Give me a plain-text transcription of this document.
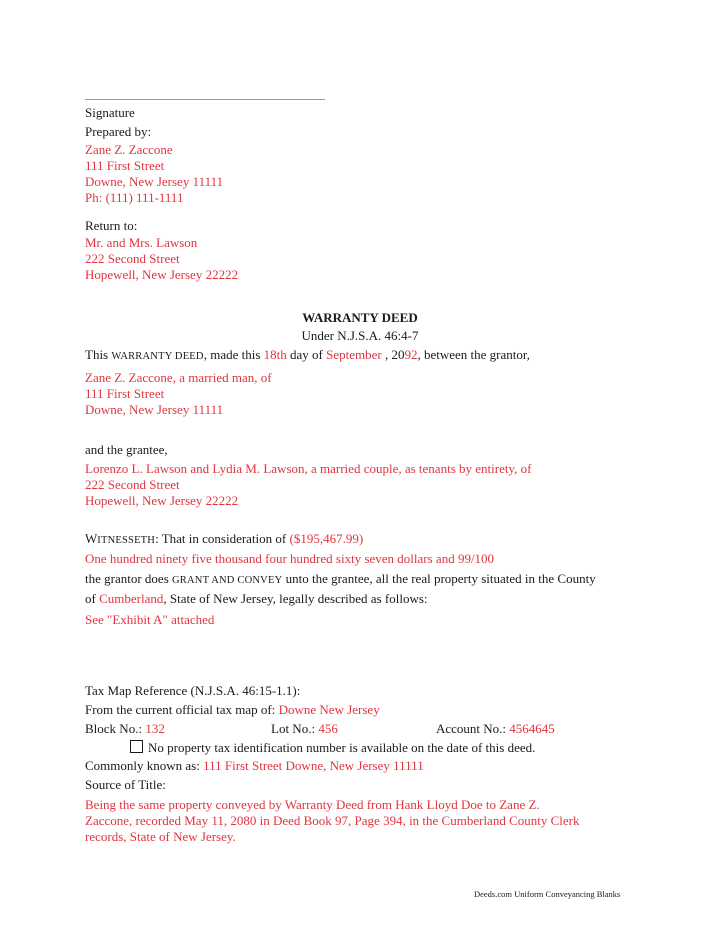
Signature
Prepared by:
Zane Z. Zaccone
111 First Street
Downe, New Jersey 11111
Ph: (111) 111-1111
Return to:
Mr. and Mrs. Lawson
222 Second Street
Hopewell, New Jersey 22222
WARRANTY DEED
Under N.J.S.A. 46:4-7
This WARRANTY DEED, made this 18th day of September , 2092, between the grantor,
Zane Z. Zaccone, a married man, of
111 First Street
Downe, New Jersey 11111
and the grantee,
Lorenzo L. Lawson and Lydia M. Lawson, a married couple, as tenants by entirety, of
222 Second Street
Hopewell, New Jersey 22222
WITNESSETH: That in consideration of ($195,467.99)
One hundred ninety five thousand four hundred sixty seven dollars and 99/100
the grantor does GRANT AND CONVEY unto the grantee, all the real property situated in the County
of Cumberland, State of New Jersey, legally described as follows:
See "Exhibit A" attached
Tax Map Reference (N.J.S.A. 46:15-1.1):
From the current official tax map of: Downe New Jersey
Block No.: 132	Lot No.: 456	Account No.: 4564645
No property tax identification number is available on the date of this deed.
Commonly known as: 111 First Street Downe, New Jersey 11111
Source of Title:
Being the same property conveyed by Warranty Deed from Hank Lloyd Doe to Zane Z.
Zaccone, recorded May 11, 2080 in Deed Book 97, Page 394, in the Cumberland County Clerk
records, State of New Jersey.
Deeds.com Uniform Conveyancing Blanks
